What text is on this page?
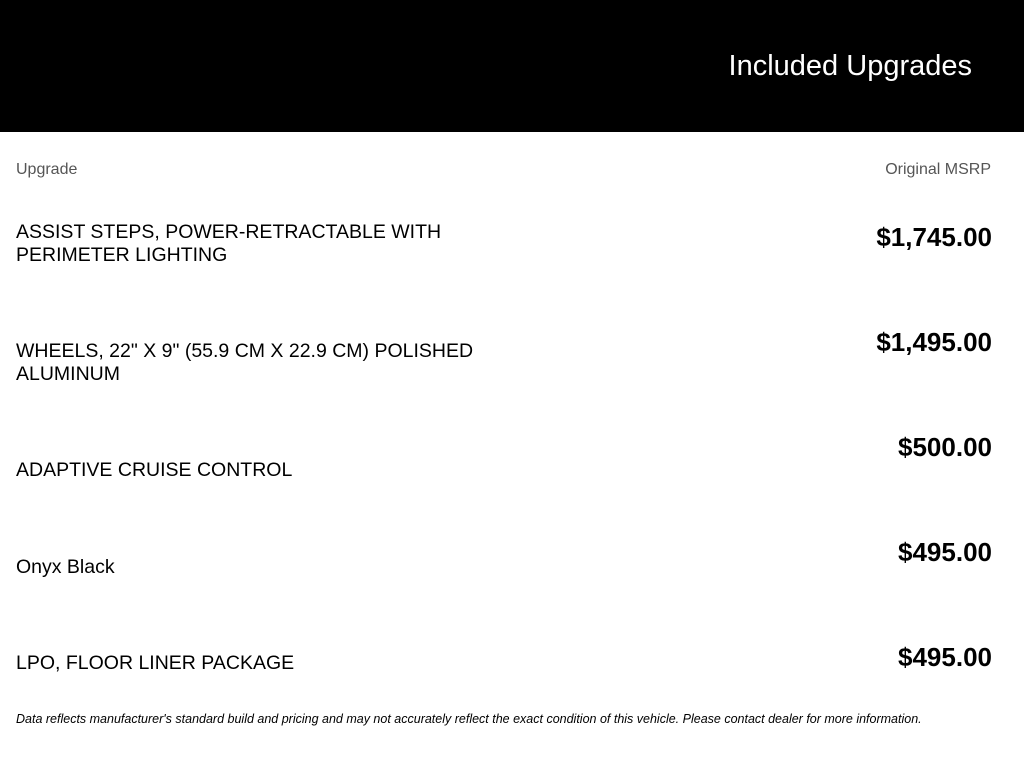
Included Upgrades
Upgrade	Original MSRP
ASSIST STEPS, POWER-RETRACTABLE WITH PERIMETER LIGHTING
$1,745.00
WHEELS, 22" X 9" (55.9 CM X 22.9 CM) POLISHED ALUMINUM
$1,495.00
ADAPTIVE CRUISE CONTROL
$500.00
Onyx Black	$495.00
LPO, FLOOR LINER PACKAGE	$495.00
Data reflects manufacturer's standard build and pricing and may not accurately reflect the exact condition of this vehicle. Please contact dealer for more information.
